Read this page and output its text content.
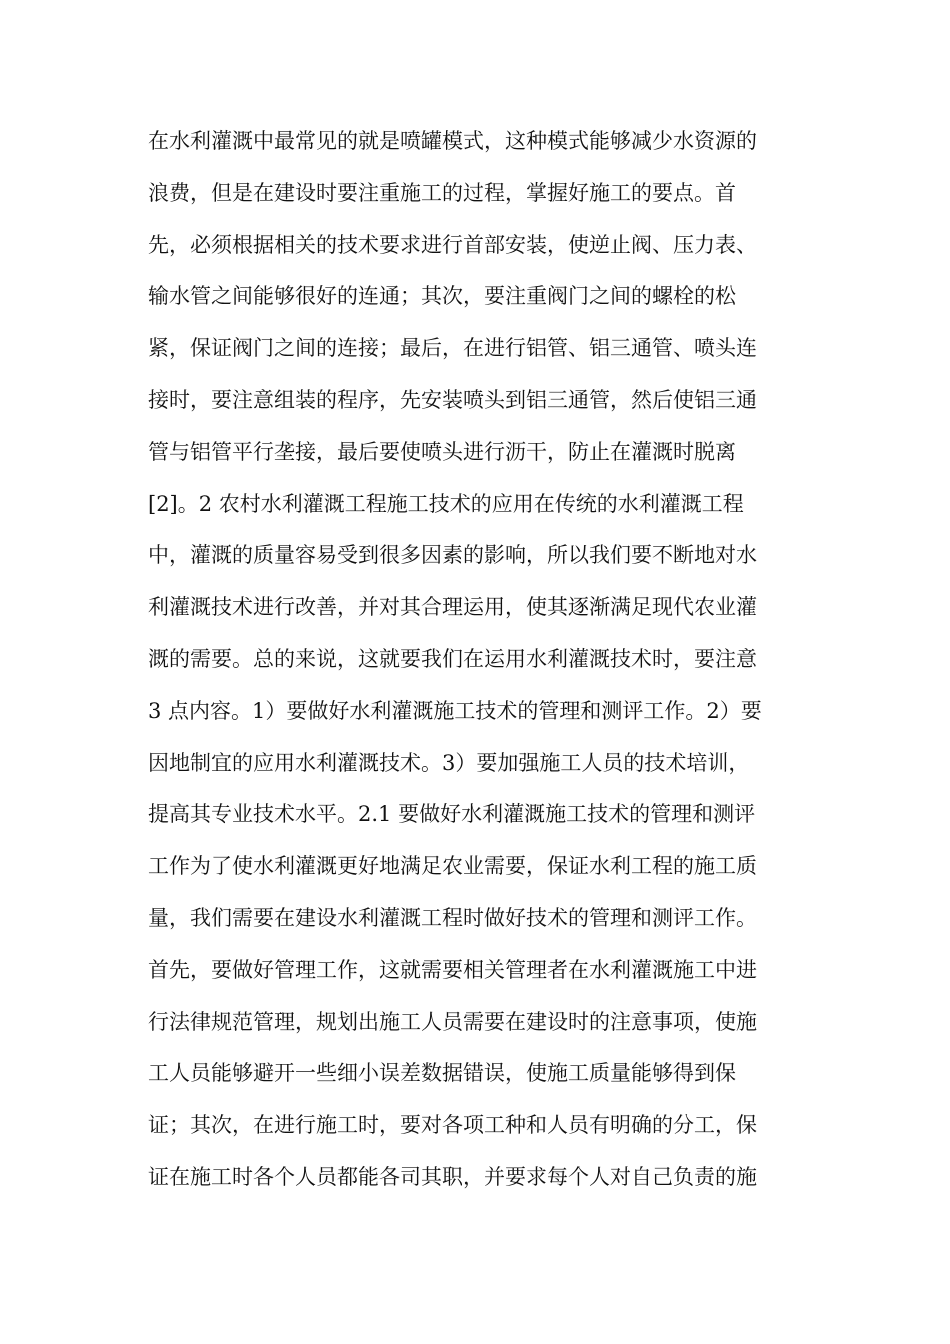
在水利灌溉中最常见的就是喷罐模式，这种模式能够减少水资源的
浪费，但是在建设时要注重施工的过程，掌握好施工的要点。首
先，必须根据相关的技术要求进行首部安装，使逆止阀、压力表、
输水管之间能够很好的连通；其次，要注重阀门之间的螺栓的松
紧，保证阀门之间的连接；最后，在进行铝管、铝三通管、喷头连
接时，要注意组装的程序，先安装喷头到铝三通管，然后使铝三通
管与铝管平行垄接，最后要使喷头进行沥干，防止在灌溉时脱离
[2]。2 农村水利灌溉工程施工技术的应用在传统的水利灌溉工程
中，灌溉的质量容易受到很多因素的影响，所以我们要不断地对水
利灌溉技术进行改善，并对其合理运用，使其逐渐满足现代农业灌
溉的需要。总的来说，这就要我们在运用水利灌溉技术时，要注意
3 点内容。1）要做好水利灌溉施工技术的管理和测评工作。2）要
因地制宜的应用水利灌溉技术。3）要加强施工人员的技术培训，
提高其专业技术水平。2.1 要做好水利灌溉施工技术的管理和测评
工作为了使水利灌溉更好地满足农业需要，保证水利工程的施工质
量，我们需要在建设水利灌溉工程时做好技术的管理和测评工作。
首先，要做好管理工作，这就需要相关管理者在水利灌溉施工中进
行法律规范管理，规划出施工人员需要在建设时的注意事项，使施
工人员能够避开一些细小误差数据错误，使施工质量能够得到保
证；其次，在进行施工时，要对各项工种和人员有明确的分工，保
证在施工时各个人员都能各司其职，并要求每个人对自己负责的施
